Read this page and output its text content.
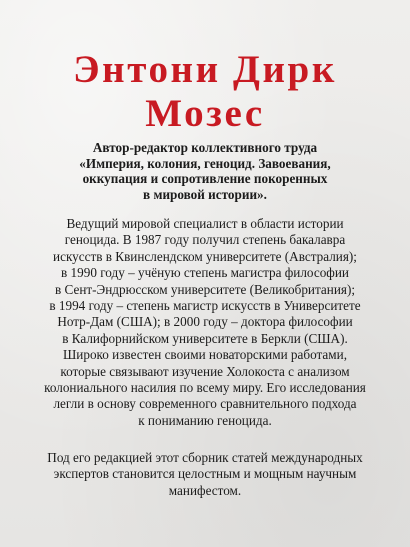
Энтони Дирк
Мозес

Автор-редактор коллективного труда
«Империя, колония, геноцид. Завоевания,
оккупация и сопротивление покоренных
в мировой истории».

Ведущий мировой специалист в области истории
геноцида. В 1987 году получил степень бакалавра
искусств в Квинслендском университете (Австралия);
в 1990 году – учёную степень магистра философии
в Сент-Эндрюсском университете (Великобритания);
в 1994 году – степень магистр искусств в Университете
Нотр-Дам (США); в 2000 году – доктора философии
в Калифорнийском университете в Беркли (США).
Широко известен своими новаторскими работами,
которые связывают изучение Холокоста с анализом
колониального насилия по всему миру. Его исследования
легли в основу современного сравнительного подхода
к пониманию геноцида.

Под его редакцией этот сборник статей международных
экспертов становится целостным и мощным научным
манифестом.
